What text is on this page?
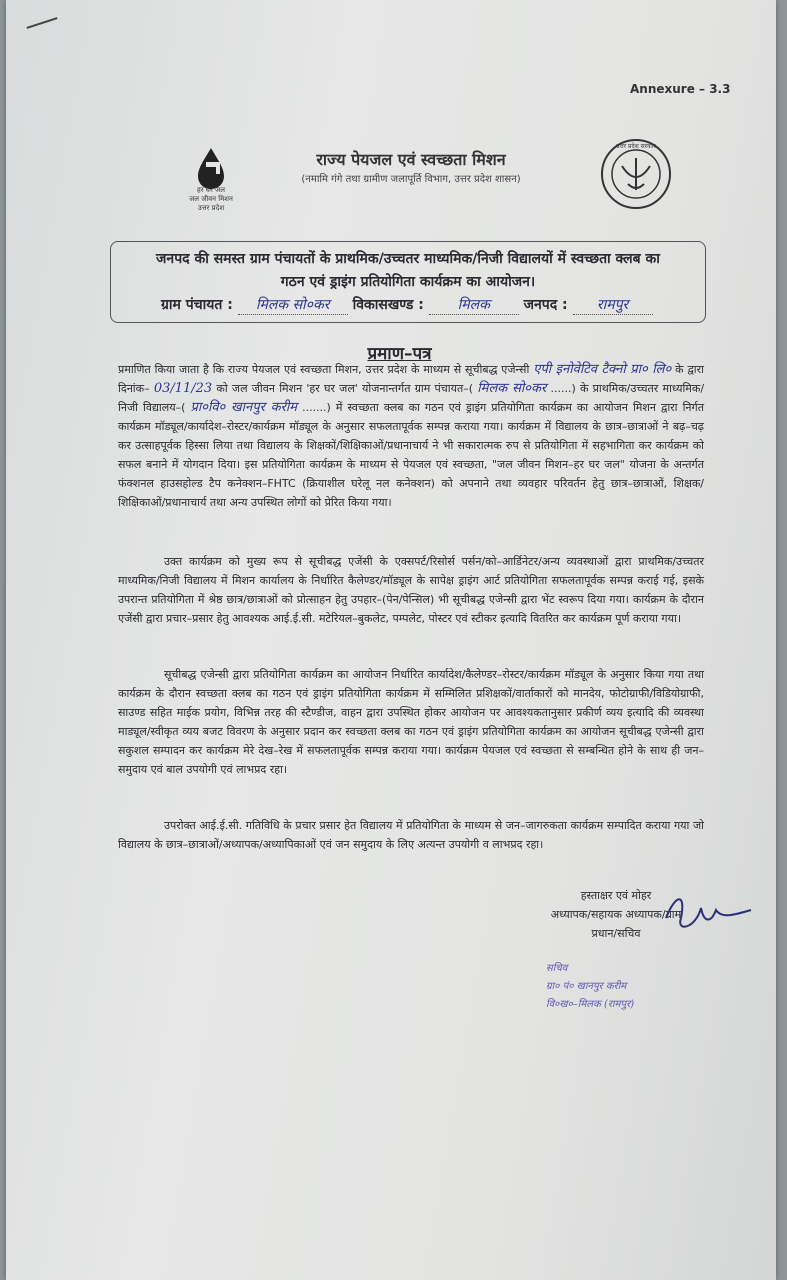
Annexure – 3.3
हर घर जल
जल जीवन मिशन
उत्तर प्रदेश
राज्य पेयजल एवं स्वच्छता मिशन
(नमामि गंगे तथा ग्रामीण जलापूर्ति विभाग, उत्तर प्रदेश शासन)
उत्तर प्रदेश सरकार
जनपद की समस्त ग्राम पंचायतों के प्राथमिक/उच्चतर माध्यमिक/निजी विद्यालयों में स्वच्छता क्लब का
गठन एवं ड्राइंग प्रतियोगिता कार्यक्रम का आयोजन।
ग्राम पंचायत : मिलक सो०कर विकासखण्ड : मिलक जनपद : रामपुर
प्रमाण–पत्र
प्रमाणित किया जाता है कि राज्य पेयजल एवं स्वच्छता मिशन, उत्तर प्रदेश के माध्यम से सूचीबद्ध एजेन्सी एपी इनोवेटिव टैक्नो प्रा० लि० के द्वारा दिनांक– 03/11/23 को जल जीवन मिशन 'हर घर जल' योजनान्तर्गत ग्राम पंचायत–( मिलक सो०कर ......) के प्राथमिक/उच्चतर माध्यमिक/निजी विद्यालय–( प्रा०वि० खानपुर करीम .......) में स्वच्छता क्लब का गठन एवं ड्राइंग प्रतियोगिता कार्यक्रम का आयोजन मिशन द्वारा निर्गत कार्यक्रम मॉड्यूल/कार्यादेश–रोस्टर/कार्यक्रम मॉड्यूल के अनुसार सफलतापूर्वक सम्पन्न कराया गया। कार्यक्रम में विद्यालय के छात्र–छात्राओं ने बढ़–चढ़ कर उत्साहपूर्वक हिस्सा लिया तथा विद्यालय के शिक्षकों/शिक्षिकाओं/प्रधानाचार्य ने भी सकारात्मक रुप से प्रतियोगिता में सहभागिता कर कार्यक्रम को सफल बनाने में योगदान दिया। इस प्रतियोगिता कार्यक्रम के माध्यम से पेयजल एवं स्वच्छता, "जल जीवन मिशन–हर घर जल" योजना के अन्तर्गत फंक्शनल हाउसहोल्ड टैप कनेक्शन–FHTC (क्रियाशील घरेलू नल कनेक्शन) को अपनाने तथा व्यवहार परिवर्तन हेतु छात्र–छात्राओं, शिक्षक/शिक्षिकाओं/प्रधानाचार्य तथा अन्य उपस्थित लोगों को प्रेरित किया गया।
उक्त कार्यक्रम को मुख्य रूप से सूचीबद्ध एजेंसी के एक्सपर्ट/रिसोर्स पर्सन/को–आर्डिनेटर/अन्य व्यवस्थाओं द्वारा प्राथमिक/उच्चतर माध्यमिक/निजी विद्यालय में मिशन कार्यालय के निर्धारित कैलेण्डर/मॉड्यूल के सापेक्ष ड्राइंग आर्ट प्रतियोगिता सफलतापूर्वक सम्पन्न कराई गई, इसके उपरान्त प्रतियोगिता में श्रेष्ठ छात्र/छात्राओं को प्रोत्साहन हेतु उपहार–(पेन/पेन्सिल) भी सूचीबद्ध एजेन्सी द्वारा भेंट स्वरूप दिया गया। कार्यक्रम के दौरान एजेंसी द्वारा प्रचार–प्रसार हेतु आवश्यक आई.ई.सी. मटेरियल–बुकलेट, पम्पलेट, पोस्टर एवं स्टीकर इत्यादि वितरित कर कार्यक्रम पूर्ण कराया गया।
सूचीबद्ध एजेन्सी द्वारा प्रतियोगिता कार्यक्रम का आयोजन निर्धारित कार्यादेश/कैलेण्डर–रोस्टर/कार्यक्रम मॉड्यूल के अनुसार किया गया तथा कार्यक्रम के दौरान स्वच्छता क्लब का गठन एवं ड्राइंग प्रतियोगिता कार्यक्रम में सम्मिलित प्रशिक्षकों/वार्ताकारों को मानदेय, फोटोग्राफी/विडियोग्राफी, साउण्ड सहित माईक प्रयोग, विभिन्न तरह की स्टैण्डीज, वाहन द्वारा उपस्थित होकर आयोजन पर आवश्यकतानुसार प्रकीर्ण व्यय इत्यादि की व्यवस्था माड्यूल/स्वीकृत व्यय बजट विवरण के अनुसार प्रदान कर स्वच्छता क्लब का गठन एवं ड्राइंग प्रतियोगिता कार्यक्रम का आयोजन सूचीबद्ध एजेन्सी द्वारा सकुशल सम्पादन कर कार्यक्रम मेरे देख–रेख में सफलतापूर्वक सम्पन्न कराया गया। कार्यक्रम पेयजल एवं स्वच्छता से सम्बन्धित होने के साथ ही जन–समुदाय एवं बाल उपयोगी एवं लाभप्रद रहा।
उपरोक्त आई.ई.सी. गतिविधि के प्रचार प्रसार हेत विद्यालय में प्रतियोगिता के माध्यम से जन–जागरुकता कार्यक्रम सम्पादित कराया गया जो विद्यालय के छात्र–छात्राओं/अध्यापक/अध्यापिकाओं एवं जन समुदाय के लिए अत्यन्त उपयोगी व लाभप्रद रहा।
हस्ताक्षर एवं मोहर
अध्यापक/सहायक अध्यापक/ग्राम
प्रधान/सचिव
सचिव
ग्रा० पं० खानपुर करीम
वि०ख०–मिलक (रामपुर)
